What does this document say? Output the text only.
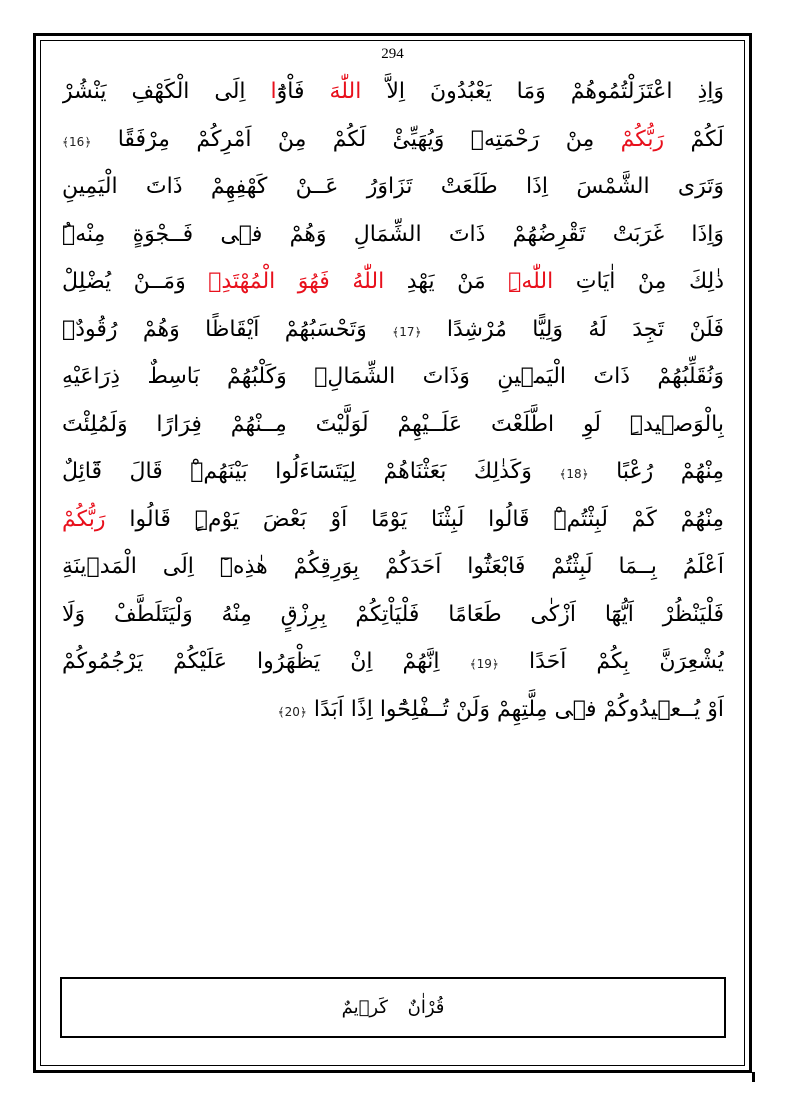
294
وَاِذِ اعْتَزَلْتُمُوهُمْ وَمَا يَعْبُدُونَ اِلاَّ اللّٰهَ فَاْوُٓا اِلَى الْكَهْفِ يَنْشُرْ
لَكُمْ رَبُّكُمْ مِنْ رَحْمَتِه۪ وَيُهَيِّئْ لَكُمْ مِنْ اَمْرِكُمْ مِرْفَقًا ﴿16﴾
وَتَرَى الشَّمْسَ اِذَا طَلَعَتْ تَزَاوَرُ عَــنْ كَهْفِهِمْ ذَاتَ الْيَمِينِ
وَاِذَا غَرَبَتْ تَقْرِضُهُمْ ذَاتَ الشِّمَالِ وَهُمْ ف۪ى فَــجْوَةٍ مِنْهُۜ
ذٰلِكَ مِنْ اٰيَاتِ اللّٰهِۜ مَنْ يَهْدِ اللّٰهُ فَهُوَ الْمُهْتَدِۚ وَمَــنْ يُضْلِلْ
فَلَنْ تَجِدَ لَهُ وَلِيًّا مُرْشِدًا ﴿17﴾ وَتَحْسَبُهُمْ اَيْقَاظًا وَهُمْ رُقُودٌۗ
وَنُقَلِّبُهُمْ ذَاتَ الْيَم۪ينِ وَذَاتَ الشِّمَالِۗ وَكَلْبُهُمْ بَاسِطٌ ذِرَاعَيْهِ
بِالْوَص۪يدِۜ لَوِ اطَّلَعْتَ عَلَــيْهِمْ لَوَلَّيْتَ مِــنْهُمْ فِرَارًا وَلَمُلِئْتَ
مِنْهُمْ رُعْبًا ﴿18﴾ وَكَذٰلِكَ بَعَثْنَاهُمْ لِيَتَسَٓاءَلُوا بَيْنَهُمْۜ قَالَ قَٓائِلٌ
مِنْهُمْ كَمْ لَبِثْتُمْۜ قَالُوا لَبِثْنَا يَوْمًا اَوْ بَعْضَ يَوْمٍۜ قَالُوا رَبُّكُمْ
اَعْلَمُ بِــمَا لَبِثْتُمْ فَابْعَثُٓوا اَحَدَكُمْ بِوَرِقِكُمْ هٰذِه۪ٓ اِلَى الْمَد۪ينَةِ
فَلْيَنْظُرْ اَيُّهَٓا اَزْكٰى طَعَامًا فَلْيَاْتِكُمْ بِرِزْقٍ مِنْهُ وَلْيَتَلَطَّفْ وَلَا
يُشْعِرَنَّ بِكُمْ اَحَدًا ﴿19﴾ اِنَّهُمْ اِنْ يَظْهَرُوا عَلَيْكُمْ يَرْجُمُوكُمْ
اَوْ يُــع۪يدُوكُمْ ف۪ى مِلَّتِهِمْ وَلَنْ تُــفْلِحُٓوا اِذًا اَبَدًا ﴿20﴾
قُرْاٰنٌ كَر۪يمٌ
